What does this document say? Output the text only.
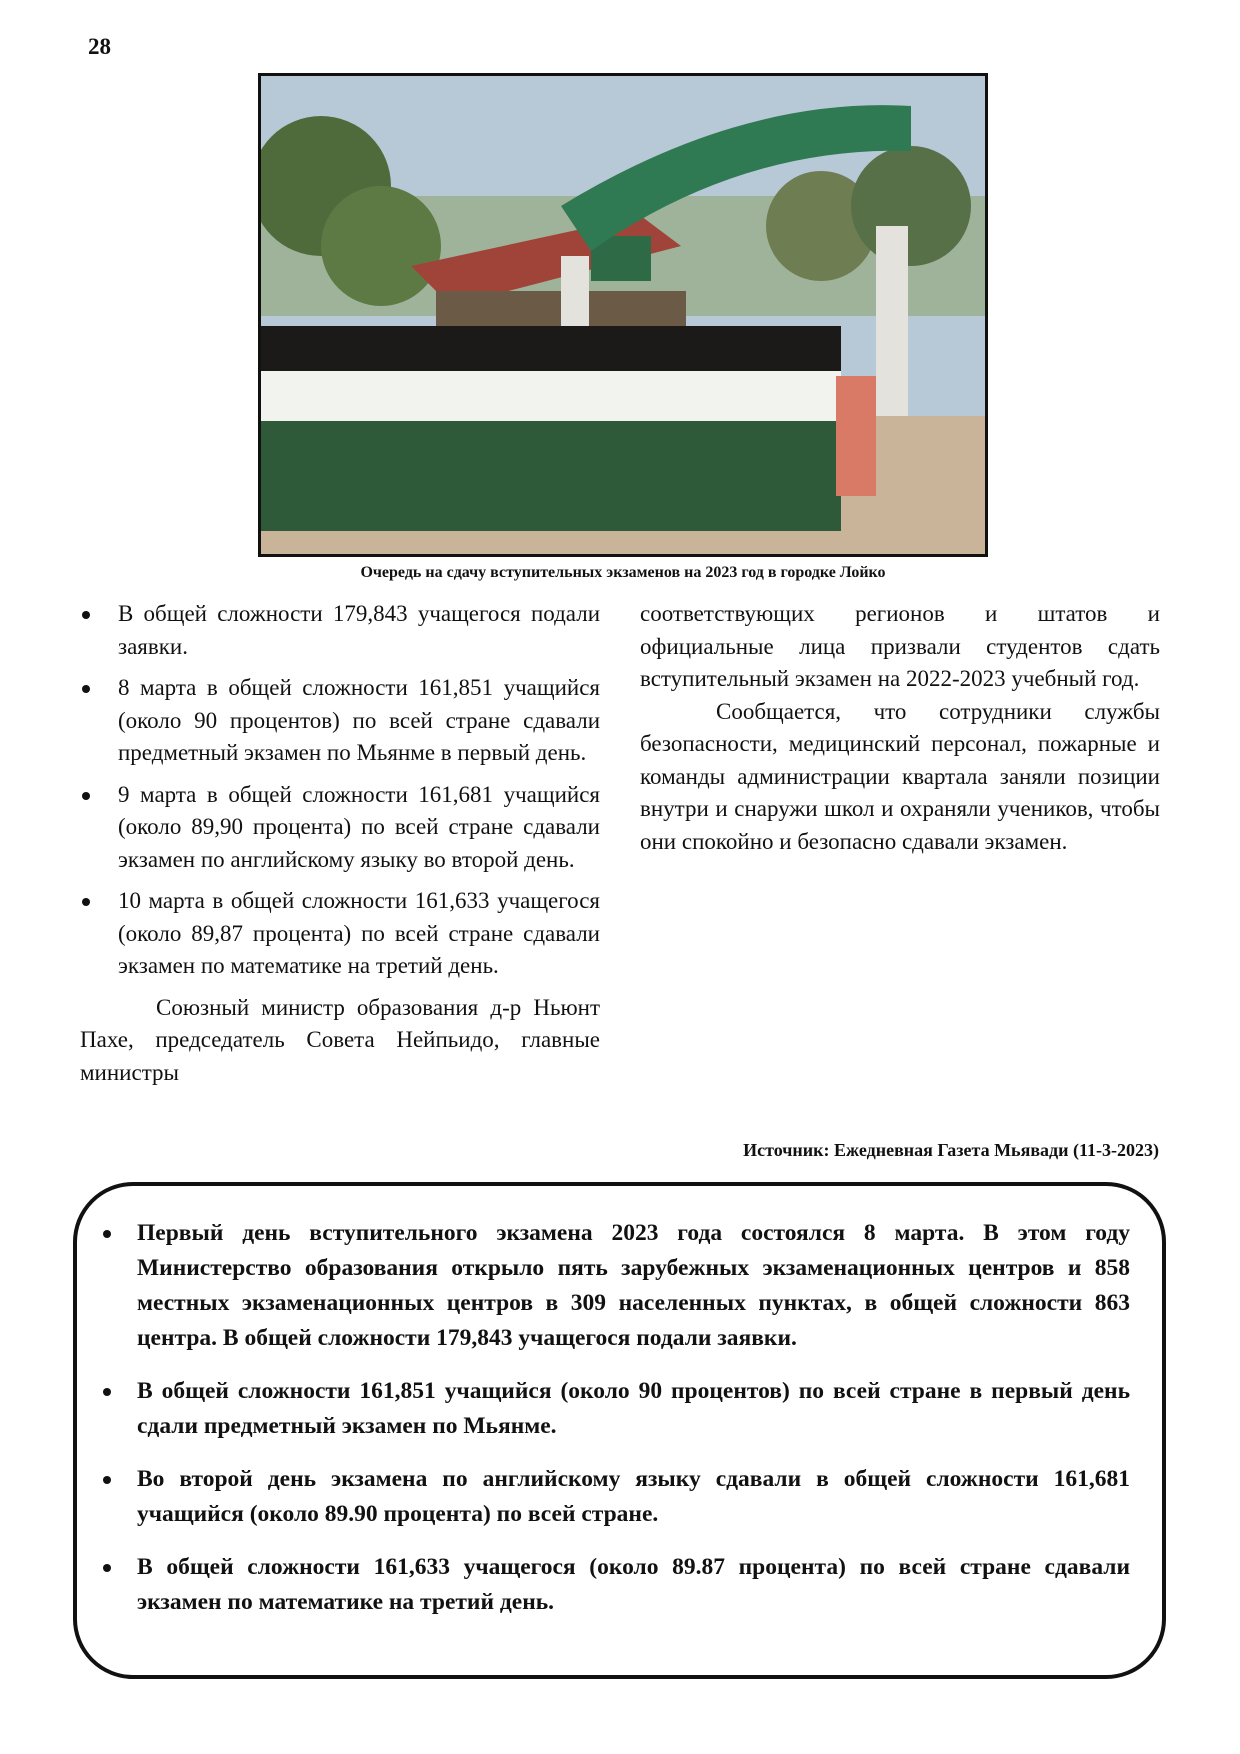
28
Очередь на сдачу вступительных экзаменов на 2023 год в городке Лойко
В общей сложности 179,843 учащегося подали заявки.
8 марта в общей сложности 161,851 учащийся (около 90 процентов) по всей стране сдавали предметный экзамен по Мьянме в первый день.
9 марта в общей сложности 161,681 учащийся (около 89,90 процента) по всей стране сдавали экзамен по английскому языку во второй день.
10 марта в общей сложности 161,633 учащегося (около 89,87 процента) по всей стране сдавали экзамен по математике на третий день.

Союзный министр образования д-р Ньюнт Пахе, председатель Совета Нейпьидо, главные министры

соответствующих регионов и штатов и официальные лица призвали студентов сдать вступительный экзамен на 2022-2023 учебный год.

Сообщается, что сотрудники службы безопасности, медицинский персонал, пожарные и команды администрации квартала заняли позиции внутри и снаружи школ и охраняли учеников, чтобы они спокойно и безопасно сдавали экзамен.

Источник: Ежедневная Газета Мьявади (11-3-2023)
Первый день вступительного экзамена 2023 года состоялся 8 марта. В этом году Министерство образования открыло пять зарубежных экзаменационных центров и 858 местных экзаменационных центров в 309 населенных пунктах, в общей сложности 863 центра. В общей сложности 179,843 учащегося подали заявки.
В общей сложности 161,851 учащийся (около 90 процентов) по всей стране в первый день сдали предметный экзамен по Мьянме.
Во второй день экзамена по английскому языку сдавали в общей сложности 161,681 учащийся (около 89.90 процента) по всей стране.
В общей сложности 161,633 учащегося (около 89.87 процента) по всей стране сдавали экзамен по математике на третий день.
